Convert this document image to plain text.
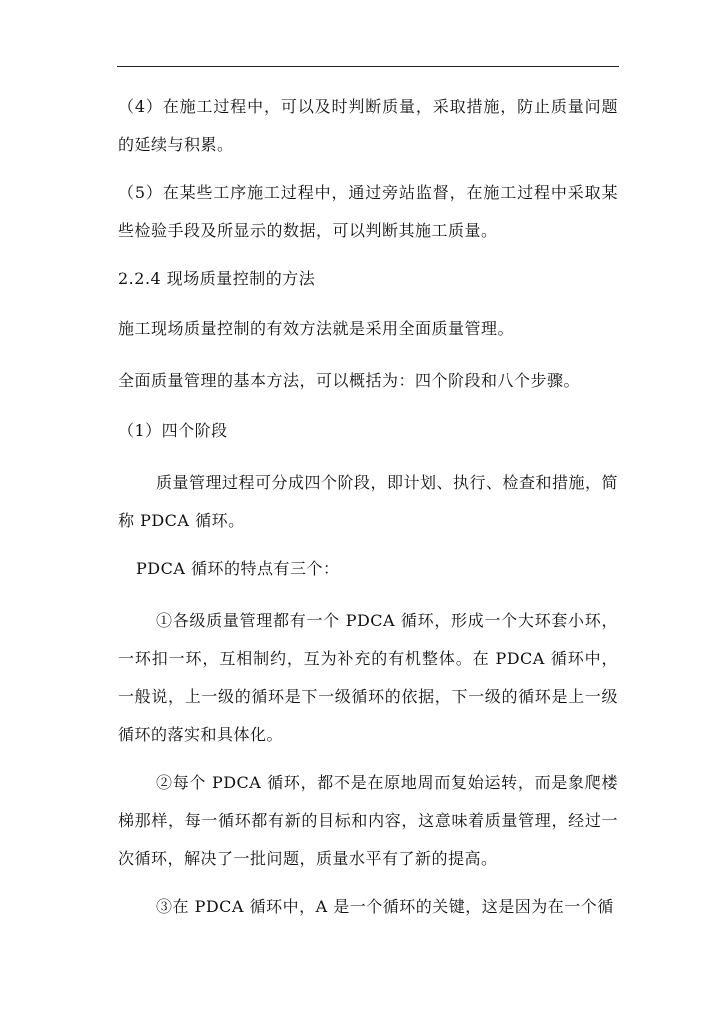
（4）在施工过程中，可以及时判断质量，采取措施，防止质量问题的延续与积累。

（5）在某些工序施工过程中，通过旁站监督，在施工过程中采取某些检验手段及所显示的数据，可以判断其施工质量。

2.2.4 现场质量控制的方法

施工现场质量控制的有效方法就是采用全面质量管理。

全面质量管理的基本方法，可以概括为：四个阶段和八个步骤。

（1）四个阶段

质量管理过程可分成四个阶段，即计划、执行、检查和措施，简称 PDCA 循环。

PDCA 循环的特点有三个：

①各级质量管理都有一个 PDCA 循环，形成一个大环套小环，一环扣一环，互相制约，互为补充的有机整体。在 PDCA 循环中，一般说，上一级的循环是下一级循环的依据，下一级的循环是上一级循环的落实和具体化。

②每个 PDCA 循环，都不是在原地周而复始运转，而是象爬楼梯那样，每一循环都有新的目标和内容，这意味着质量管理，经过一次循环，解决了一批问题，质量水平有了新的提高。

③在 PDCA 循环中，A 是一个循环的关键，这是因为在一个循
